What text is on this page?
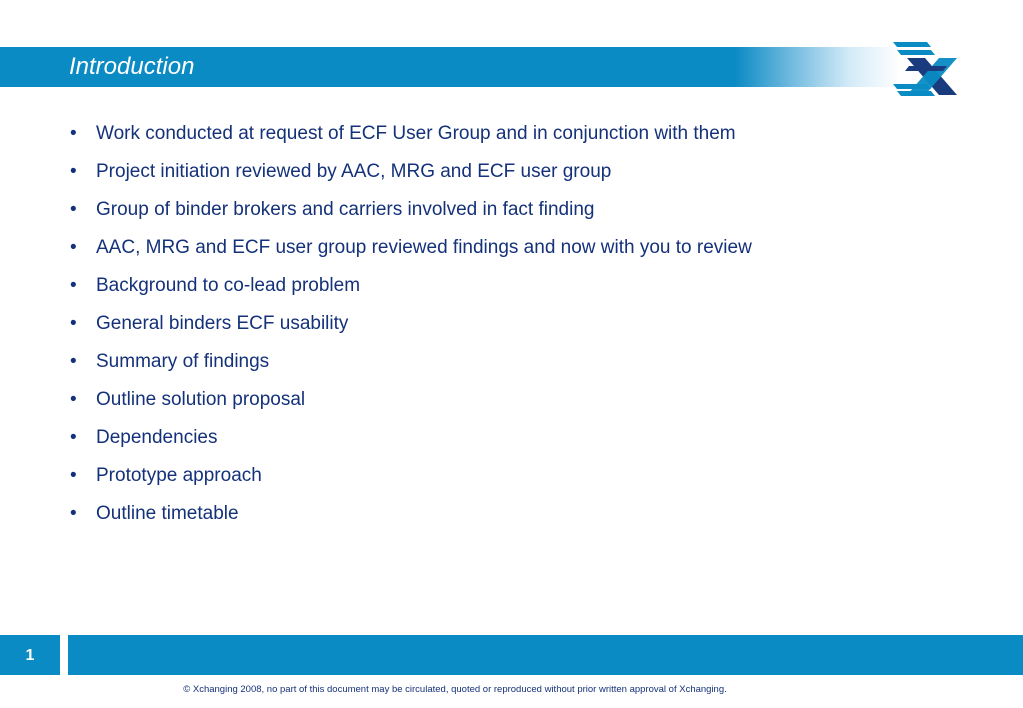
Introduction
• Work conducted at request of ECF User Group and in conjunction with them
• Project initiation reviewed by AAC, MRG and ECF user group
• Group of binder brokers and carriers involved in fact finding
• AAC, MRG and ECF user group reviewed findings and now with you to review
• Background to co-lead problem
• General binders ECF usability
• Summary of findings
• Outline solution proposal
• Dependencies
• Prototype approach
• Outline timetable
1
© Xchanging 2008, no part of this document may be circulated, quoted or reproduced without prior written approval of Xchanging.
